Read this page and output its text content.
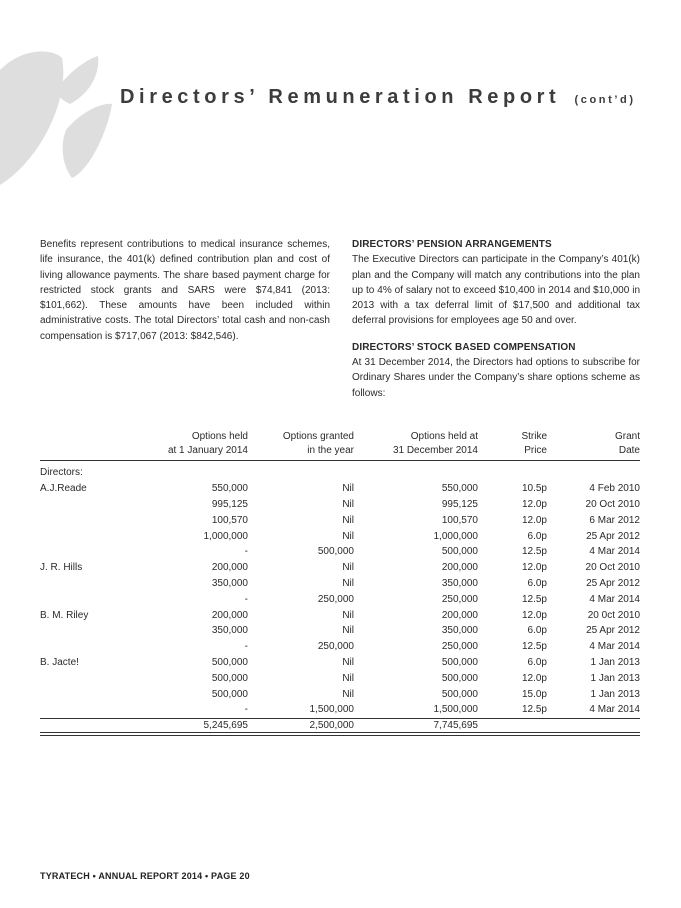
Directors’ Remuneration Report (cont’d)

Benefits represent contributions to medical insurance schemes, life insurance, the 401(k) defined contribution plan and cost of living allowance payments. The share based payment charge for restricted stock grants and SARS were $74,841 (2013: $101,662). These amounts have been included within administrative costs. The total Directors’ total cash and non-cash compensation is $717,067 (2013: $842,546).

DIRECTORS’ PENSION ARRANGEMENTS

The Executive Directors can participate in the Company’s 401(k) plan and the Company will match any contributions into the plan up to 4% of salary not to exceed $10,400 in 2014 and $10,000 in 2013 with a tax deferral limit of $17,500 and additional tax deferral provisions for employees age 50 and over.

DIRECTORS’ STOCK BASED COMPENSATION

At 31 December 2014, the Directors had options to subscribe for Ordinary Shares under the Company’s share options scheme as follows:

	Options held	Options granted	Options held at	Strike	Grant
	at 1 January 2014	in the year	31 December 2014	Price	Date

Directors:					
A.J.Reade	550,000	Nil	550,000	10.5p	4 Feb 2010
	995,125	Nil	995,125	12.0p	20 Oct 2010
	100,570	Nil	100,570	12.0p	6 Mar 2012
	1,000,000	Nil	1,000,000	6.0p	25 Apr 2012
	-	500,000	500,000	12.5p	4 Mar 2014
J. R. Hills	200,000	Nil	200,000	12.0p	20 Oct 2010
	350,000	Nil	350,000	6.0p	25 Apr 2012
	-	250,000	250,000	12.5p	4 Mar 2014
B. M. Riley	200,000	Nil	200,000	12.0p	20 0ct 2010
	350,000	Nil	350,000	6.0p	25 Apr 2012
	-	250,000	250,000	12.5p	4 Mar 2014
B. Jacte!	500,000	Nil	500,000	6.0p	1 Jan 2013
	500,000	Nil	500,000	12.0p	1 Jan 2013
	500,000	Nil	500,000	15.0p	1 Jan 2013
	-	1,500,000	1,500,000	12.5p	4 Mar 2014
	5,245,695	2,500,000	7,745,695		

TYRATECH • ANNUAL REPORT 2014 • PAGE 20
